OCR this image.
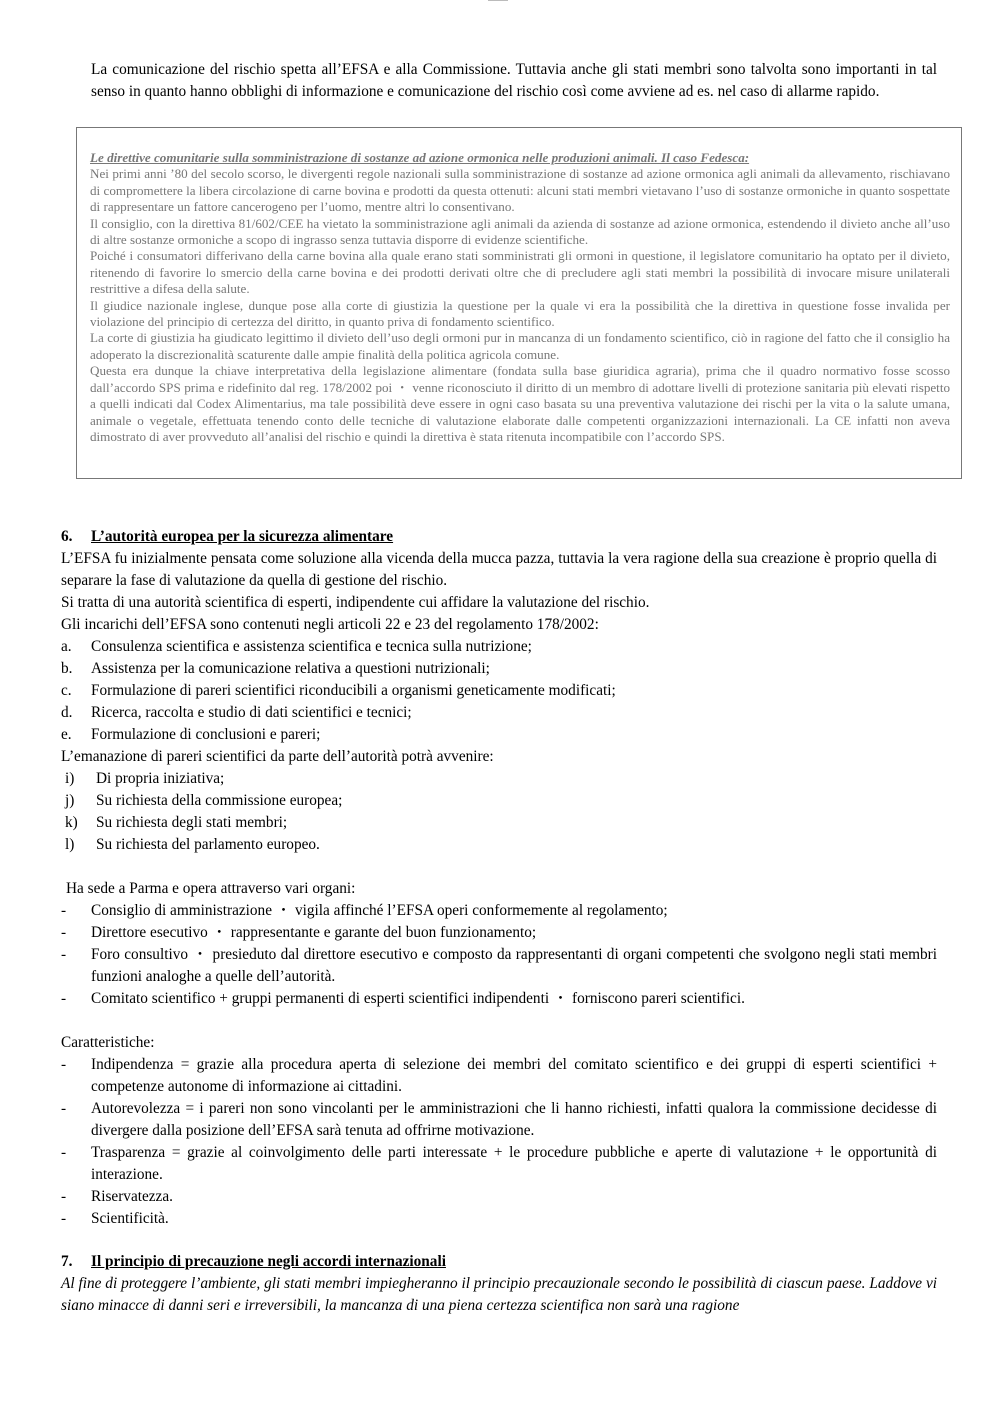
La comunicazione del rischio spetta all’EFSA e alla Commissione. Tuttavia anche gli stati membri sono talvolta sono importanti in tal senso in quanto hanno obblighi di informazione e comunicazione del rischio così come avviene ad es. nel caso di allarme rapido.

Le direttive comunitarie sulla somministrazione di sostanze ad azione ormonica nelle produzioni animali. Il caso Fedesca:

Nei primi anni ’80 del secolo scorso, le divergenti regole nazionali sulla somministrazione di sostanze ad azione ormonica agli animali da allevamento, rischiavano di compromettere la libera circolazione di carne bovina e prodotti da questa ottenuti: alcuni stati membri vietavano l’uso di sostanze ormoniche in quanto sospettate di rappresentare un fattore cancerogeno per l’uomo, mentre altri lo consentivano.

Il consiglio, con la direttiva 81/602/CEE ha vietato la somministrazione agli animali da azienda di sostanze ad azione ormonica, estendendo il divieto anche all’uso di altre sostanze ormoniche a scopo di ingrasso senza tuttavia disporre di evidenze scientifiche.

Poiché i consumatori differivano della carne bovina alla quale erano stati somministrati gli ormoni in questione, il legislatore comunitario ha optato per il divieto, ritenendo di favorire lo smercio della carne bovina e dei prodotti derivati oltre che di precludere agli stati membri la possibilità di invocare misure unilaterali restrittive a difesa della salute.

Il giudice nazionale inglese, dunque pose alla corte di giustizia la questione per la quale vi era la possibilità che la direttiva in questione fosse invalida per violazione del principio di certezza del diritto, in quanto priva di fondamento scientifico.

La corte di giustizia ha giudicato legittimo il divieto dell’uso degli ormoni pur in mancanza di un fondamento scientifico, ciò in ragione del fatto che il consiglio ha adoperato la discrezionalità scaturente dalle ampie finalità della politica agricola comune.

Questa era dunque la chiave interpretativa della legislazione alimentare (fondata sulla base giuridica agraria), prima che il quadro normativo fosse scosso dall’accordo SPS prima e ridefinito dal reg. 178/2002 poi ・ venne riconosciuto il diritto di un membro di adottare livelli di protezione sanitaria più elevati rispetto a quelli indicati dal Codex Alimentarius, ma tale possibilità deve essere in ogni caso basata su una preventiva valutazione dei rischi per la vita o la salute umana, animale o vegetale, effettuata tenendo conto delle tecniche di valutazione elaborate dalle competenti organizzazioni internazionali. La CE infatti non aveva dimostrato di aver provveduto all’analisi del rischio e quindi la direttiva è stata ritenuta incompatibile con l’accordo SPS.

6. L’autorità europea per la sicurezza alimentare

L’EFSA fu inizialmente pensata come soluzione alla vicenda della mucca pazza, tuttavia la vera ragione della sua creazione è proprio quella di separare la fase di valutazione da quella di gestione del rischio.

Si tratta di una autorità scientifica di esperti, indipendente cui affidare la valutazione del rischio.

Gli incarichi dell’EFSA sono contenuti negli articoli 22 e 23 del regolamento 178/2002:

a. Consulenza scientifica e assistenza scientifica e tecnica sulla nutrizione;
b. Assistenza per la comunicazione relativa a questioni nutrizionali;
c. Formulazione di pareri scientifici riconducibili a organismi geneticamente modificati;
d. Ricerca, raccolta e studio di dati scientifici e tecnici;
e. Formulazione di conclusioni e pareri;

L’emanazione di pareri scientifici da parte dell’autorità potrà avvenire:

i) Di propria iniziativa;
j) Su richiesta della commissione europea;
k) Su richiesta degli stati membri;
l) Su richiesta del parlamento europeo.

Ha sede a Parma e opera attraverso vari organi:

- Consiglio di amministrazione ・ vigila affinché l’EFSA operi conformemente al regolamento;
- Direttore esecutivo ・ rappresentante e garante del buon funzionamento;
- Foro consultivo ・ presieduto dal direttore esecutivo e composto da rappresentanti di organi competenti che svolgono negli stati membri funzioni analoghe a quelle dell’autorità.
- Comitato scientifico + gruppi permanenti di esperti scientifici indipendenti ・ forniscono pareri scientifici.

Caratteristiche:

- Indipendenza = grazie alla procedura aperta di selezione dei membri del comitato scientifico e dei gruppi di esperti scientifici + competenze autonome di informazione ai cittadini.
- Autorevolezza = i pareri non sono vincolanti per le amministrazioni che li hanno richiesti, infatti qualora la commissione decidesse di divergere dalla posizione dell’EFSA sarà tenuta ad offrirne motivazione.
- Trasparenza = grazie al coinvolgimento delle parti interessate + le procedure pubbliche e aperte di valutazione + le opportunità di interazione.
- Riservatezza.
- Scientificità.
7. Il principio di precauzione negli accordi internazionali
Al fine di proteggere l’ambiente, gli stati membri impiegheranno il principio precauzionale secondo le possibilità di ciascun paese. Laddove vi siano minacce di danni seri e irreversibili, la mancanza di una piena certezza scientifica non sarà una ragione
